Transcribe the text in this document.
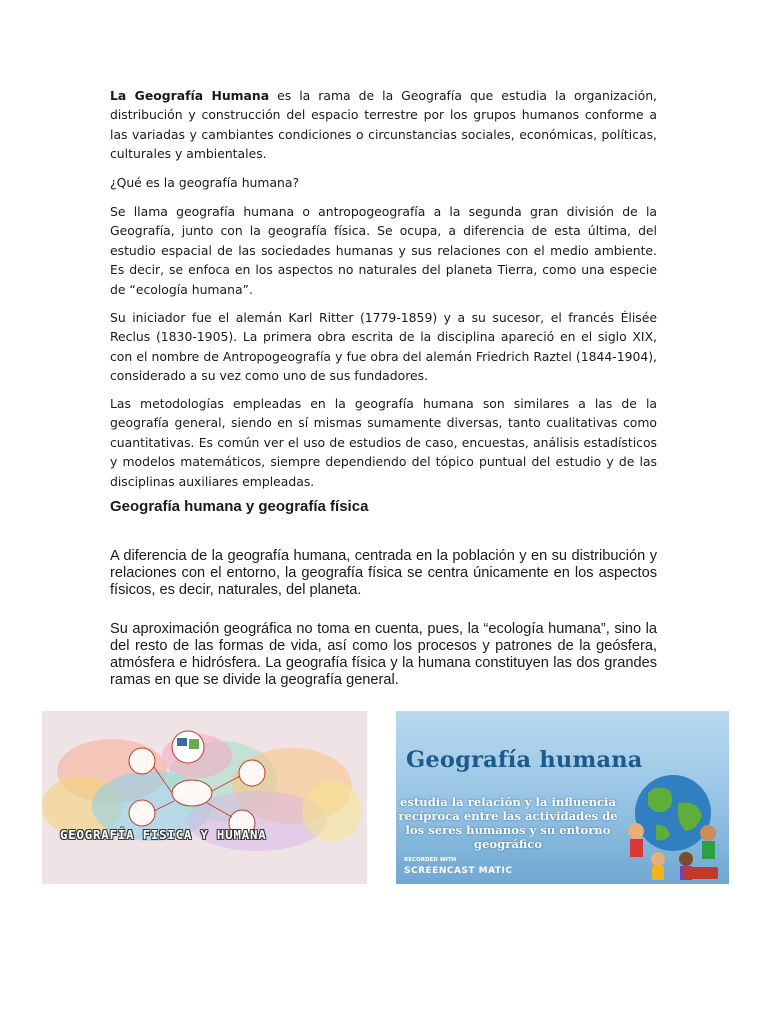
La Geografía Humana es la rama de la Geografía que estudia la organización, distribución y construcción del espacio terrestre por los grupos humanos conforme a las variadas y cambiantes condiciones o circunstancias sociales, económicas, políticas, culturales y ambientales.

¿Qué es la geografía humana?

Se llama geografía humana o antropogeografía a la segunda gran división de la Geografía, junto con la geografía física. Se ocupa, a diferencia de esta última, del estudio espacial de las sociedades humanas y sus relaciones con el medio ambiente. Es decir, se enfoca en los aspectos no naturales del planeta Tierra, como una especie de “ecología humana”.

Su iniciador fue el alemán Karl Ritter (1779-1859) y a su sucesor, el francés Élisée Reclus (1830-1905). La primera obra escrita de la disciplina apareció en el siglo XIX, con el nombre de Antropogeografía y fue obra del alemán Friedrich Raztel (1844-1904), considerado a su vez como uno de sus fundadores.

Las metodologías empleadas en la geografía humana son similares a las de la geografía general, siendo en sí mismas sumamente diversas, tanto cualitativas como cuantitativas. Es común ver el uso de estudios de caso, encuestas, análisis estadísticos y modelos matemáticos, siempre dependiendo del tópico puntual del estudio y de las disciplinas auxiliares empleadas.

Geografía humana y geografía física

A diferencia de la geografía humana, centrada en la población y en su distribución y relaciones con el entorno, la geografía física se centra únicamente en los aspectos físicos, es decir, naturales, del planeta.

Su aproximación geográfica no toma en cuenta, pues, la “ecología humana”, sino la del resto de las formas de vida, así como los procesos y patrones de la geósfera, atmósfera e hidrósfera. La geografía física y la humana constituyen las dos grandes ramas en que se divide la geografía general.

GEOGRAFÍA FISICA Y HUMANA

Geografía humana

estudia la relación y la influencia recíproca entre las actividades de los seres humanos y su entorno geográfico

RECORDED WITH

SCREENCAST MATIC
